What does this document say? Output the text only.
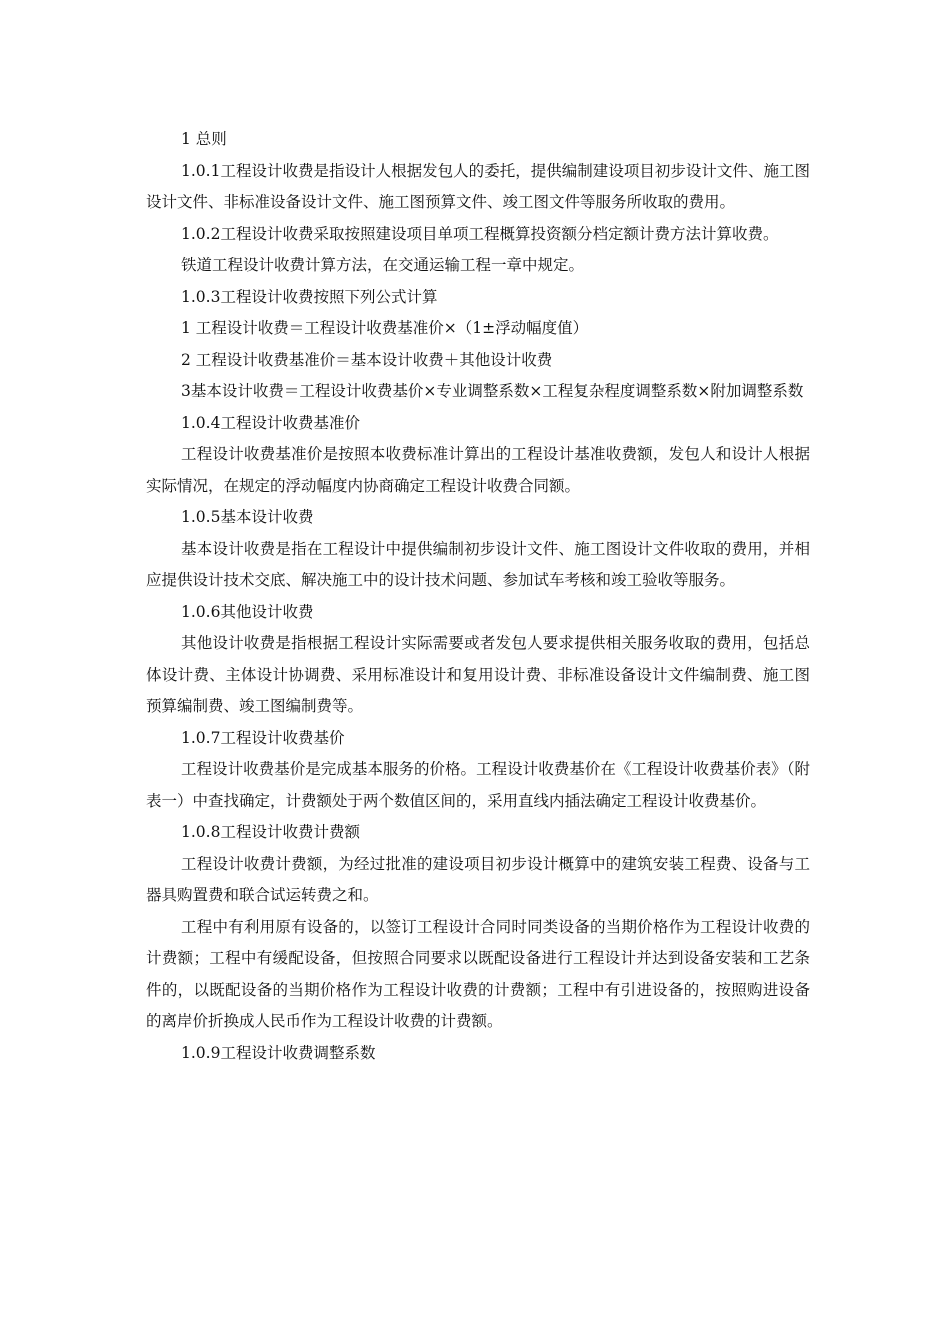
1 总则

1.0.1工程设计收费是指设计人根据发包人的委托，提供编制建设项目初步设计文件、施工图设计文件、非标准设备设计文件、施工图预算文件、竣工图文件等服务所收取的费用。

1.0.2工程设计收费采取按照建设项目单项工程概算投资额分档定额计费方法计算收费。

铁道工程设计收费计算方法，在交通运输工程一章中规定。

1.0.3工程设计收费按照下列公式计算

1 工程设计收费＝工程设计收费基准价×（1±浮动幅度值）

2 工程设计收费基准价＝基本设计收费＋其他设计收费

3基本设计收费＝工程设计收费基价×专业调整系数×工程复杂程度调整系数×附加调整系数

1.0.4工程设计收费基准价

工程设计收费基准价是按照本收费标准计算出的工程设计基准收费额，发包人和设计人根据实际情况，在规定的浮动幅度内协商确定工程设计收费合同额。

1.0.5基本设计收费

基本设计收费是指在工程设计中提供编制初步设计文件、施工图设计文件收取的费用，并相应提供设计技术交底、解决施工中的设计技术问题、参加试车考核和竣工验收等服务。

1.0.6其他设计收费

其他设计收费是指根据工程设计实际需要或者发包人要求提供相关服务收取的费用，包括总体设计费、主体设计协调费、采用标准设计和复用设计费、非标准设备设计文件编制费、施工图预算编制费、竣工图编制费等。

1.0.7工程设计收费基价

工程设计收费基价是完成基本服务的价格。工程设计收费基价在《工程设计收费基价表》（附表一）中查找确定，计费额处于两个数值区间的，采用直线内插法确定工程设计收费基价。

1.0.8工程设计收费计费额

工程设计收费计费额，为经过批准的建设项目初步设计概算中的建筑安装工程费、设备与工器具购置费和联合试运转费之和。

工程中有利用原有设备的，以签订工程设计合同时同类设备的当期价格作为工程设计收费的计费额；工程中有缓配设备，但按照合同要求以既配设备进行工程设计并达到设备安装和工艺条件的，以既配设备的当期价格作为工程设计收费的计费额；工程中有引进设备的，按照购进设备的离岸价折换成人民币作为工程设计收费的计费额。

1.0.9工程设计收费调整系数
